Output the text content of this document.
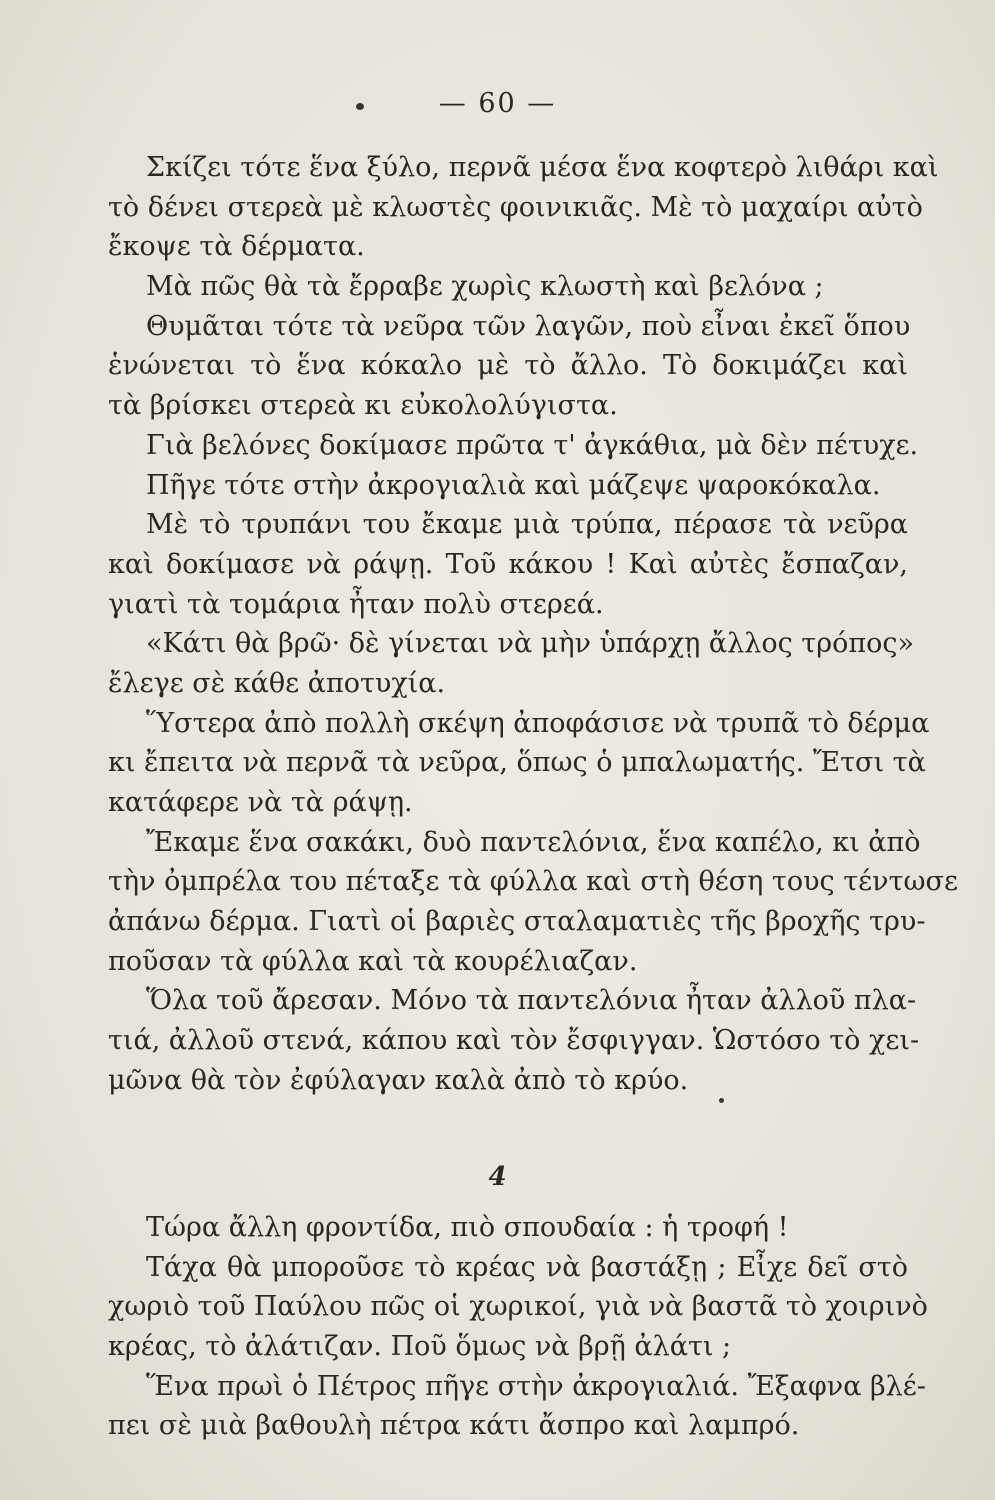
— 60 —
Σκίζει τότε ἕνα ξύλο, περνᾶ μέσα ἕνα κοφτερὸ λιθάρι καὶ
τὸ δένει στερεὰ μὲ κλωστὲς φοινικιᾶς. Μὲ τὸ μαχαίρι αὐτὸ
ἔκοψε τὰ δέρματα.
Μὰ πῶς θὰ τὰ ἔρραβε χωρὶς κλωστὴ καὶ βελόνα ;
Θυμᾶται τότε τὰ νεῦρα τῶν λαγῶν, ποὺ εἶναι ἐκεῖ ὅπου
ἑνώνεται τὸ ἕνα κόκαλο μὲ τὸ ἄλλο. Τὸ δοκιμάζει καὶ
τὰ βρίσκει στερεὰ κι εὐκολολύγιστα.
Γιὰ βελόνες δοκίμασε πρῶτα τ' ἀγκάθια, μὰ δὲν πέτυχε.
Πῆγε τότε στὴν ἀκρογιαλιὰ καὶ μάζεψε ψαροκόκαλα.
Μὲ τὸ τρυπάνι του ἔκαμε μιὰ τρύπα, πέρασε τὰ νεῦρα
καὶ δοκίμασε νὰ ράψῃ. Τοῦ κάκου ! Καὶ αὐτὲς ἔσπαζαν,
γιατὶ τὰ τομάρια ἦταν πολὺ στερεά.
«Κάτι θὰ βρῶ· δὲ γίνεται νὰ μὴν ὑπάρχῃ ἄλλος τρόπος»
ἔλεγε σὲ κάθε ἀποτυχία.
Ὕστερα ἀπὸ πολλὴ σκέψη ἀποφάσισε νὰ τρυπᾶ τὸ δέρμα
κι ἔπειτα νὰ περνᾶ τὰ νεῦρα, ὅπως ὁ μπαλωματής. Ἔτσι τὰ
κατάφερε νὰ τὰ ράψῃ.
Ἔκαμε ἕνα σακάκι, δυὸ παντελόνια, ἕνα καπέλο, κι ἀπὸ
τὴν ὀμπρέλα του πέταξε τὰ φύλλα καὶ στὴ θέση τους τέντωσε
ἀπάνω δέρμα. Γιατὶ οἱ βαριὲς σταλαματιὲς τῆς βροχῆς τρυ-
ποῦσαν τὰ φύλλα καὶ τὰ κουρέλιαζαν.
Ὅλα τοῦ ἄρεσαν. Μόνο τὰ παντελόνια ἦταν ἀλλοῦ πλα-
τιά, ἀλλοῦ στενά, κάπου καὶ τὸν ἔσφιγγαν. Ὡστόσο τὸ χει-
μῶνα θὰ τὸν ἐφύλαγαν καλὰ ἀπὸ τὸ κρύο.
4
Τώρα ἄλλη φροντίδα, πιὸ σπουδαία : ἡ τροφή !
Τάχα θὰ μποροῦσε τὸ κρέας νὰ βαστάξῃ ; Εἶχε δεῖ στὸ
χωριὸ τοῦ Παύλου πῶς οἱ χωρικοί, γιὰ νὰ βαστᾶ τὸ χοιρινὸ
κρέας, τὸ ἀλάτιζαν. Ποῦ ὅμως νὰ βρῇ ἀλάτι ;
Ἕνα πρωὶ ὁ Πέτρος πῆγε στὴν ἀκρογιαλιά. Ἔξαφνα βλέ-
πει σὲ μιὰ βαθουλὴ πέτρα κάτι ἄσπρο καὶ λαμπρό.
